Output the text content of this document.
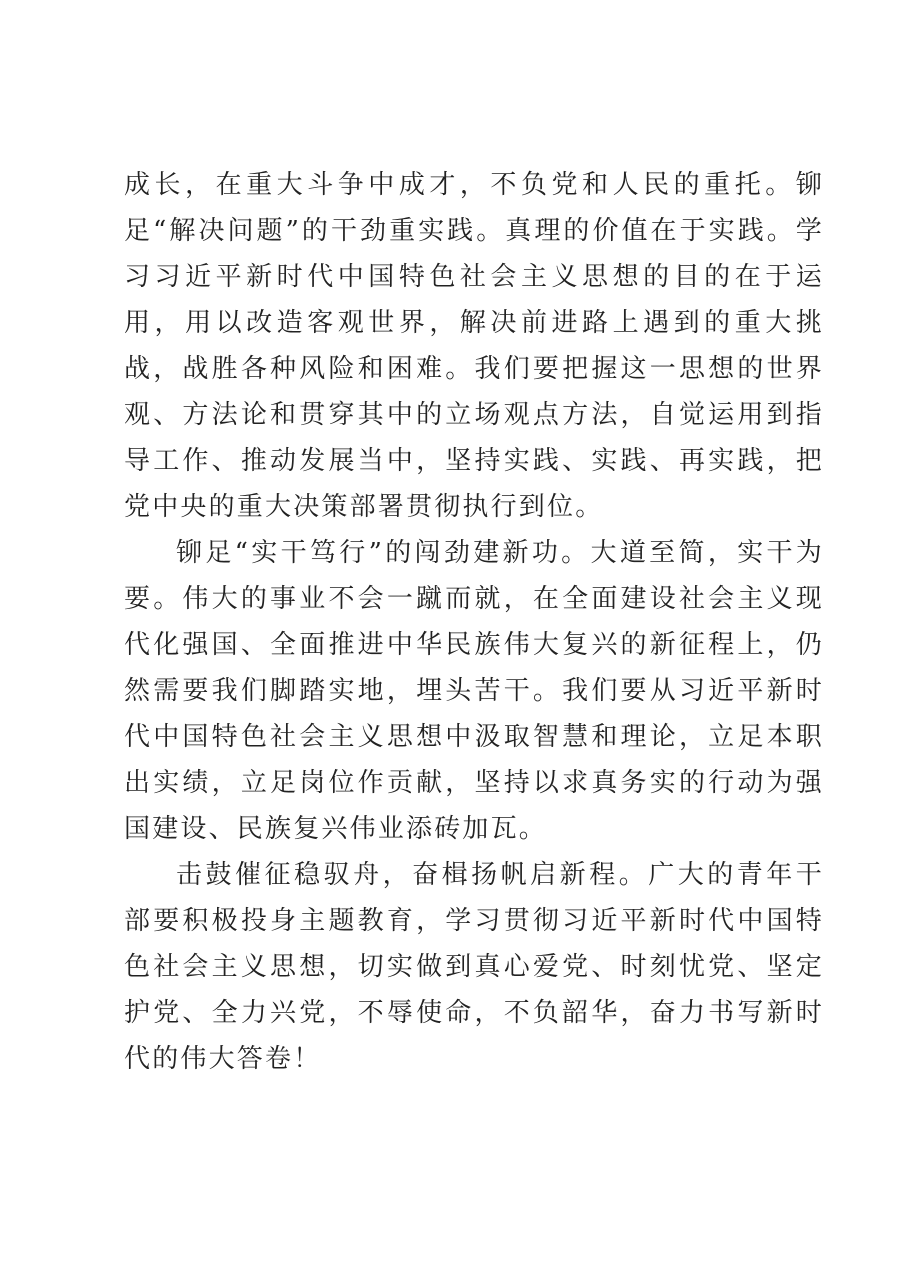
成长，在重大斗争中成才，不负党和人民的重托。铆足“解决问题”的干劲重实践。真理的价值在于实践。学习习近平新时代中国特色社会主义思想的目的在于运用，用以改造客观世界，解决前进路上遇到的重大挑战，战胜各种风险和困难。我们要把握这一思想的世界观、方法论和贯穿其中的立场观点方法，自觉运用到指导工作、推动发展当中，坚持实践、实践、再实践，把党中央的重大决策部署贯彻执行到位。

铆足“实干笃行”的闯劲建新功。大道至简，实干为要。伟大的事业不会一蹴而就，在全面建设社会主义现代化强国、全面推进中华民族伟大复兴的新征程上，仍然需要我们脚踏实地，埋头苦干。我们要从习近平新时代中国特色社会主义思想中汲取智慧和理论，立足本职出实绩，立足岗位作贡献，坚持以求真务实的行动为强国建设、民族复兴伟业添砖加瓦。

击鼓催征稳驭舟，奋楫扬帆启新程。广大的青年干部要积极投身主题教育，学习贯彻习近平新时代中国特色社会主义思想，切实做到真心爱党、时刻忧党、坚定护党、全力兴党，不辱使命，不负韶华，奋力书写新时代的伟大答卷！
